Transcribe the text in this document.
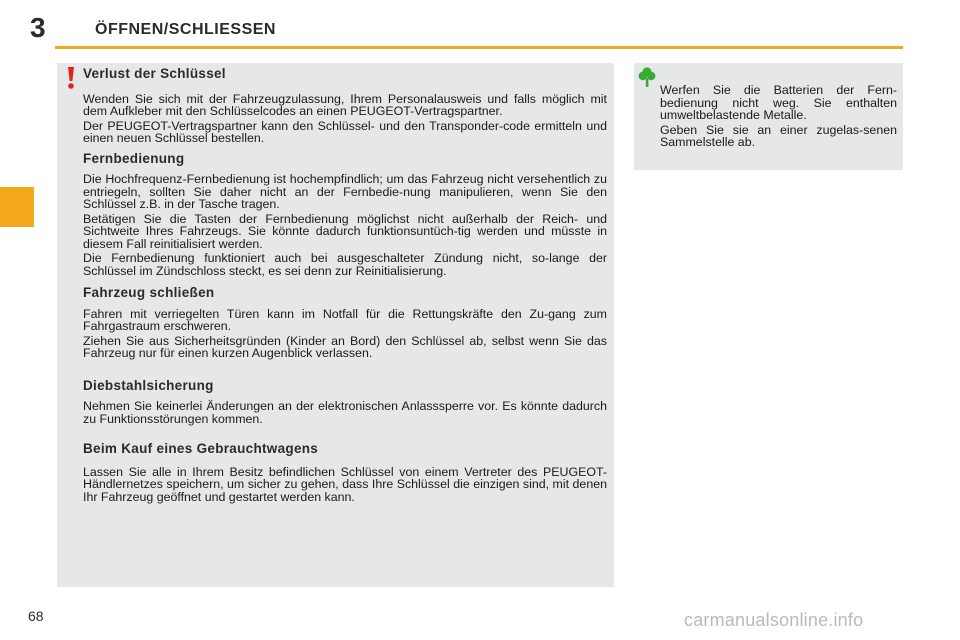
3	ÖFFNEN/SCHLIESSEN
Verlust der Schlüssel

Wenden Sie sich mit der Fahrzeugzulassung, Ihrem Personalausweis und falls möglich mit dem Aufkleber mit den Schlüsselcodes an einen PEUGEOT-Vertragspartner.

Der PEUGEOT-Vertragspartner kann den Schlüssel- und den Transponder-code ermitteln und einen neuen Schlüssel bestellen.

Fernbedienung

Die Hochfrequenz-Fernbedienung ist hochempfindlich; um das Fahrzeug nicht versehentlich zu entriegeln, sollten Sie daher nicht an der Fernbedie-nung manipulieren, wenn Sie den Schlüssel z.B. in der Tasche tragen.

Betätigen Sie die Tasten der Fernbedienung möglichst nicht außerhalb der Reich- und Sichtweite Ihres Fahrzeugs. Sie könnte dadurch funktionsuntüch-tig werden und müsste in diesem Fall reinitialisiert werden.

Die Fernbedienung funktioniert auch bei ausgeschalteter Zündung nicht, so-lange der Schlüssel im Zündschloss steckt, es sei denn zur Reinitialisierung.

Fahrzeug schließen

Fahren mit verriegelten Türen kann im Notfall für die Rettungskräfte den Zu-gang zum Fahrgastraum erschweren.

Ziehen Sie aus Sicherheitsgründen (Kinder an Bord) den Schlüssel ab, selbst wenn Sie das Fahrzeug nur für einen kurzen Augenblick verlassen.

Diebstahlsicherung

Nehmen Sie keinerlei Änderungen an der elektronischen Anlasssperre vor. Es könnte dadurch zu Funktionsstörungen kommen.

Beim Kauf eines Gebrauchtwagens

Lassen Sie alle in Ihrem Besitz befindlichen Schlüssel von einem Vertreter des PEUGEOT-Händlernetzes speichern, um sicher zu gehen, dass Ihre Schlüssel die einzigen sind, mit denen Ihr Fahrzeug geöffnet und gestartet werden kann.

Werfen Sie die Batterien der Fern-bedienung nicht weg. Sie enthalten umweltbelastende Metalle.

Geben Sie sie an einer zugelas-senen Sammelstelle ab.

68	carmanualsonline.info
